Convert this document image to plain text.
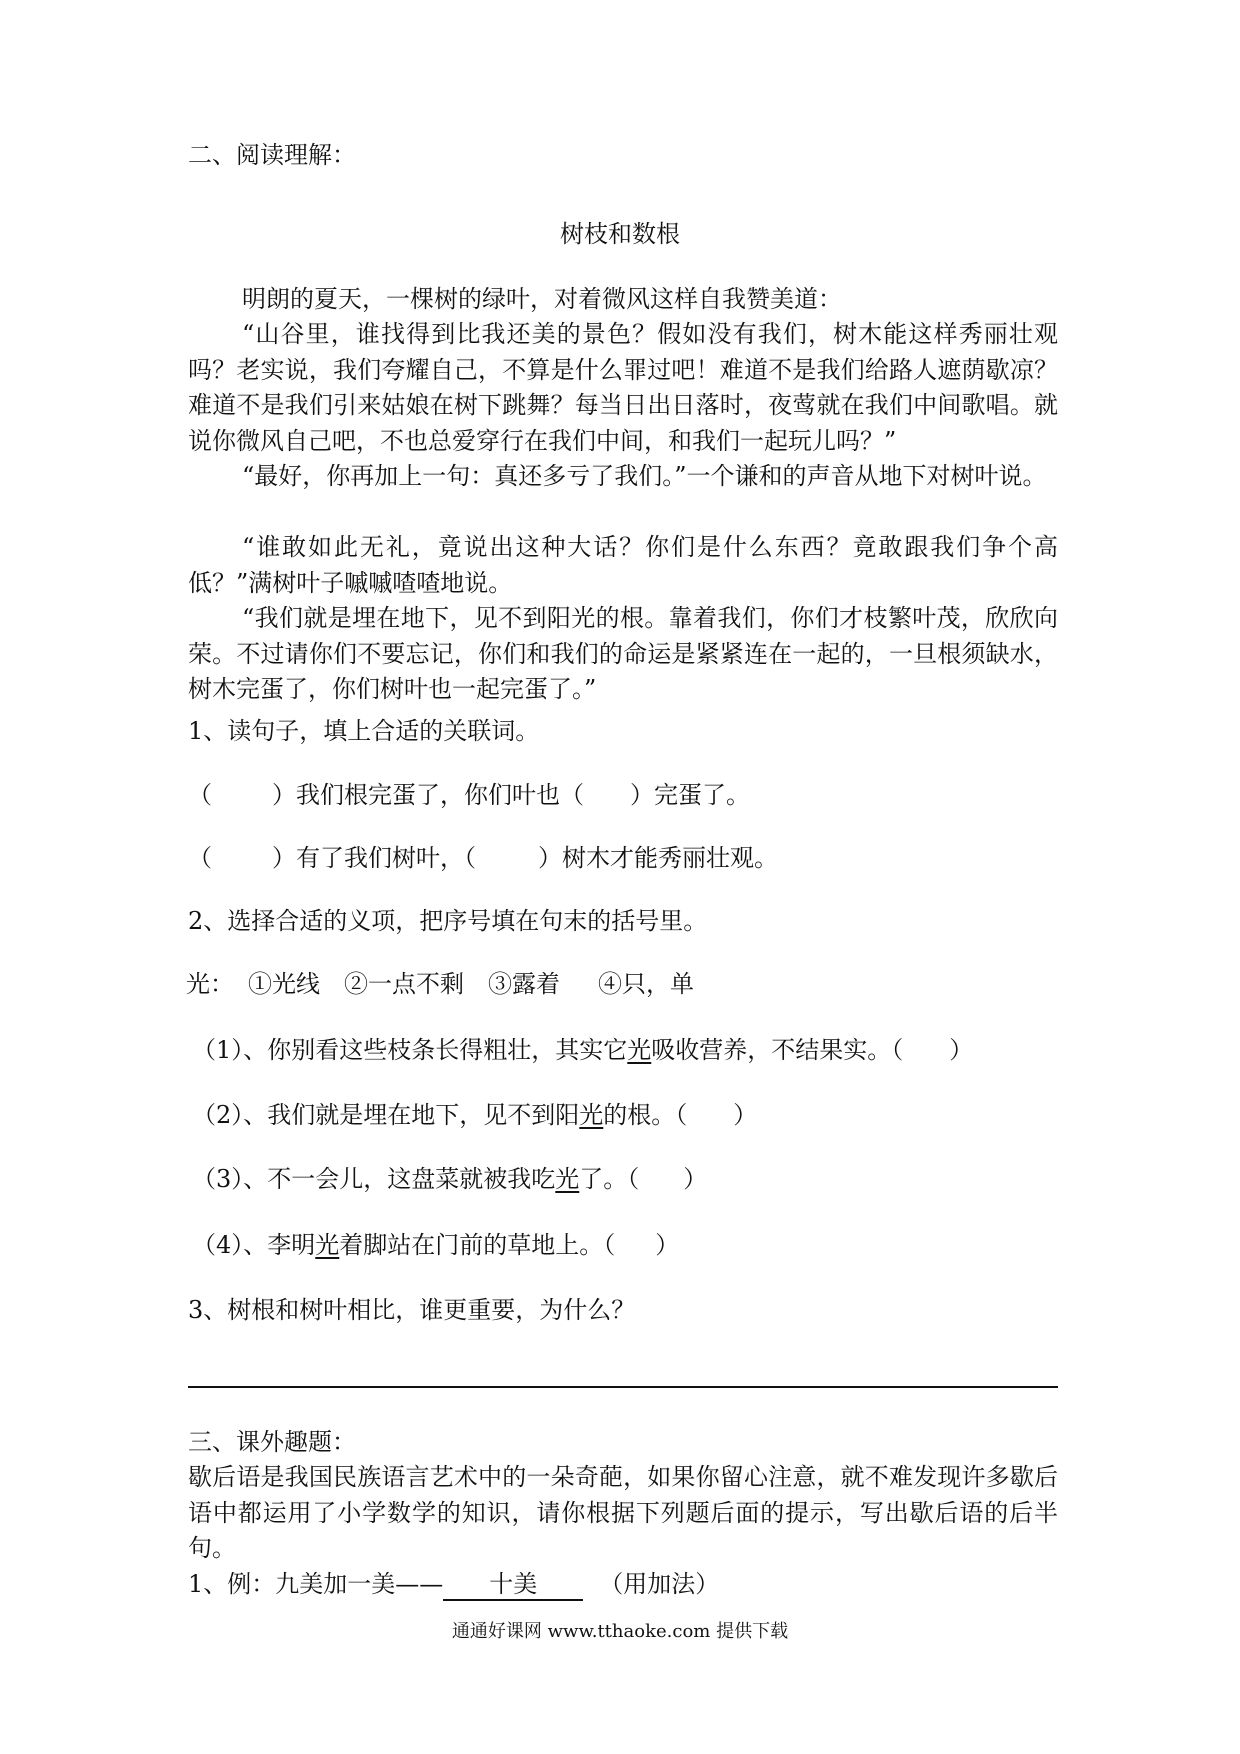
二、阅读理解：
树枝和数根
明朗的夏天，一棵树的绿叶，对着微风这样自我赞美道：
“山谷里，谁找得到比我还美的景色？假如没有我们，树木能这样秀丽壮观吗？老实说，我们夸耀自己，不算是什么罪过吧！难道不是我们给路人遮荫歇凉？难道不是我们引来姑娘在树下跳舞？每当日出日落时，夜莺就在我们中间歌唱。就说你微风自己吧，不也总爱穿行在我们中间，和我们一起玩儿吗？”
“最好，你再加上一句：真还多亏了我们。”一个谦和的声音从地下对树叶说。
“谁敢如此无礼，竟说出这种大话？你们是什么东西？竟敢跟我们争个高低？”满树叶子嘁嘁喳喳地说。
“我们就是埋在地下，见不到阳光的根。靠着我们，你们才枝繁叶茂，欣欣向荣。不过请你们不要忘记，你们和我们的命运是紧紧连在一起的，一旦根须缺水，树木完蛋了，你们树叶也一起完蛋了。”
1、读句子，填上合适的关联词。
（	）我们根完蛋了，你们叶也（ ）完蛋了。
（	）有了我们树叶，（	）树木才能秀丽壮观。
2、选择合适的义项，把序号填在句末的括号里。
光： ①光线 ②一点不剩 ③露着 ④只，单
（1）、你别看这些枝条长得粗壮，其实它光吸收营养，不结果实。（ ）
（2）、我们就是埋在地下，见不到阳光的根。（ ）
（3）、不一会儿，这盘菜就被我吃光了。（ ）
（4）、李明光着脚站在门前的草地上。（ ）
3、树根和树叶相比，谁更重要，为什么？
三、课外趣题：
歇后语是我国民族语言艺术中的一朵奇葩，如果你留心注意，就不难发现许多歇后语中都运用了小学数学的知识，请你根据下列题后面的提示，写出歇后语的后半句。
1、例：九美加一美—— 十美	（用加法）
通通好课网 www.tthaoke.com 提供下载
